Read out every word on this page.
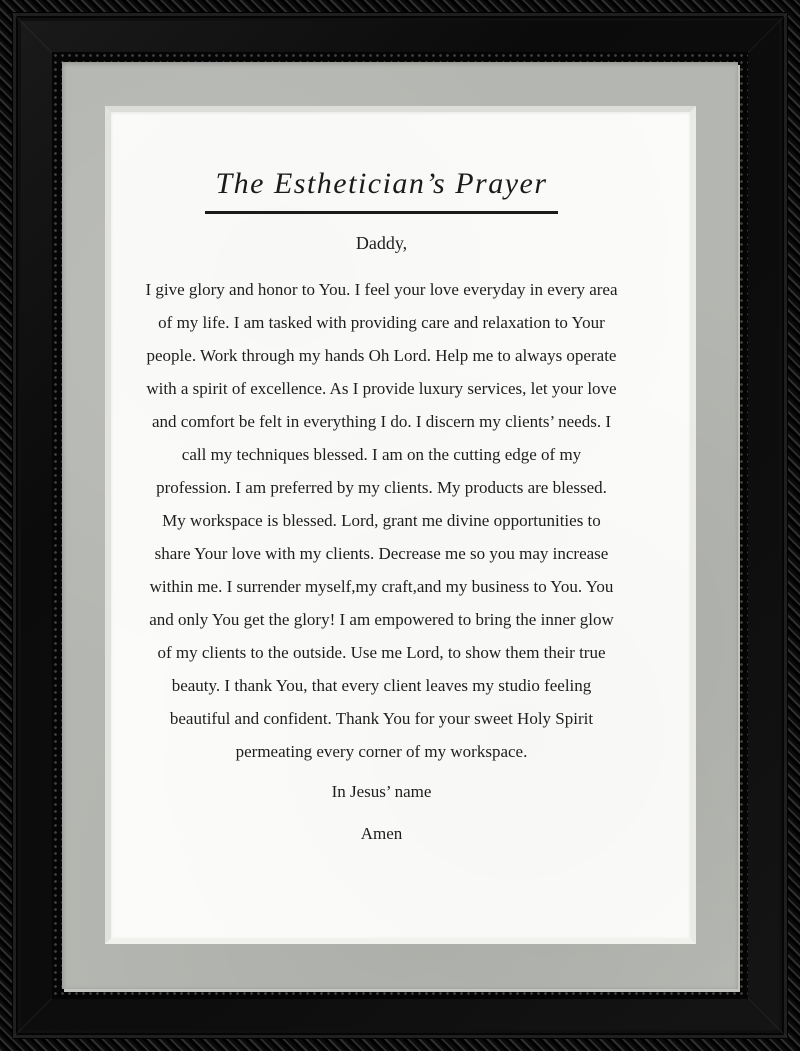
The Esthetician’s Prayer
Daddy,
I give glory and honor to You. I feel your love everyday in every area
of my life. I am tasked with providing care and relaxation to Your
people. Work through my hands Oh Lord. Help me to always operate
with a spirit of excellence. As I provide luxury services, let your love
and comfort be felt in everything I do. I discern my clients’ needs. I
call my techniques blessed. I am on the cutting edge of my
profession. I am preferred by my clients. My products are blessed.
My workspace is blessed. Lord, grant me divine opportunities to
share Your love with my clients. Decrease me so you may increase
within me. I surrender myself,my craft,and my business to You. You
and only You get the glory! I am empowered to bring the inner glow
of my clients to the outside. Use me Lord, to show them their true
beauty. I thank You, that every client leaves my studio feeling
beautiful and confident. Thank You for your sweet Holy Spirit
permeating every corner of my workspace.
In Jesus’ name
Amen
